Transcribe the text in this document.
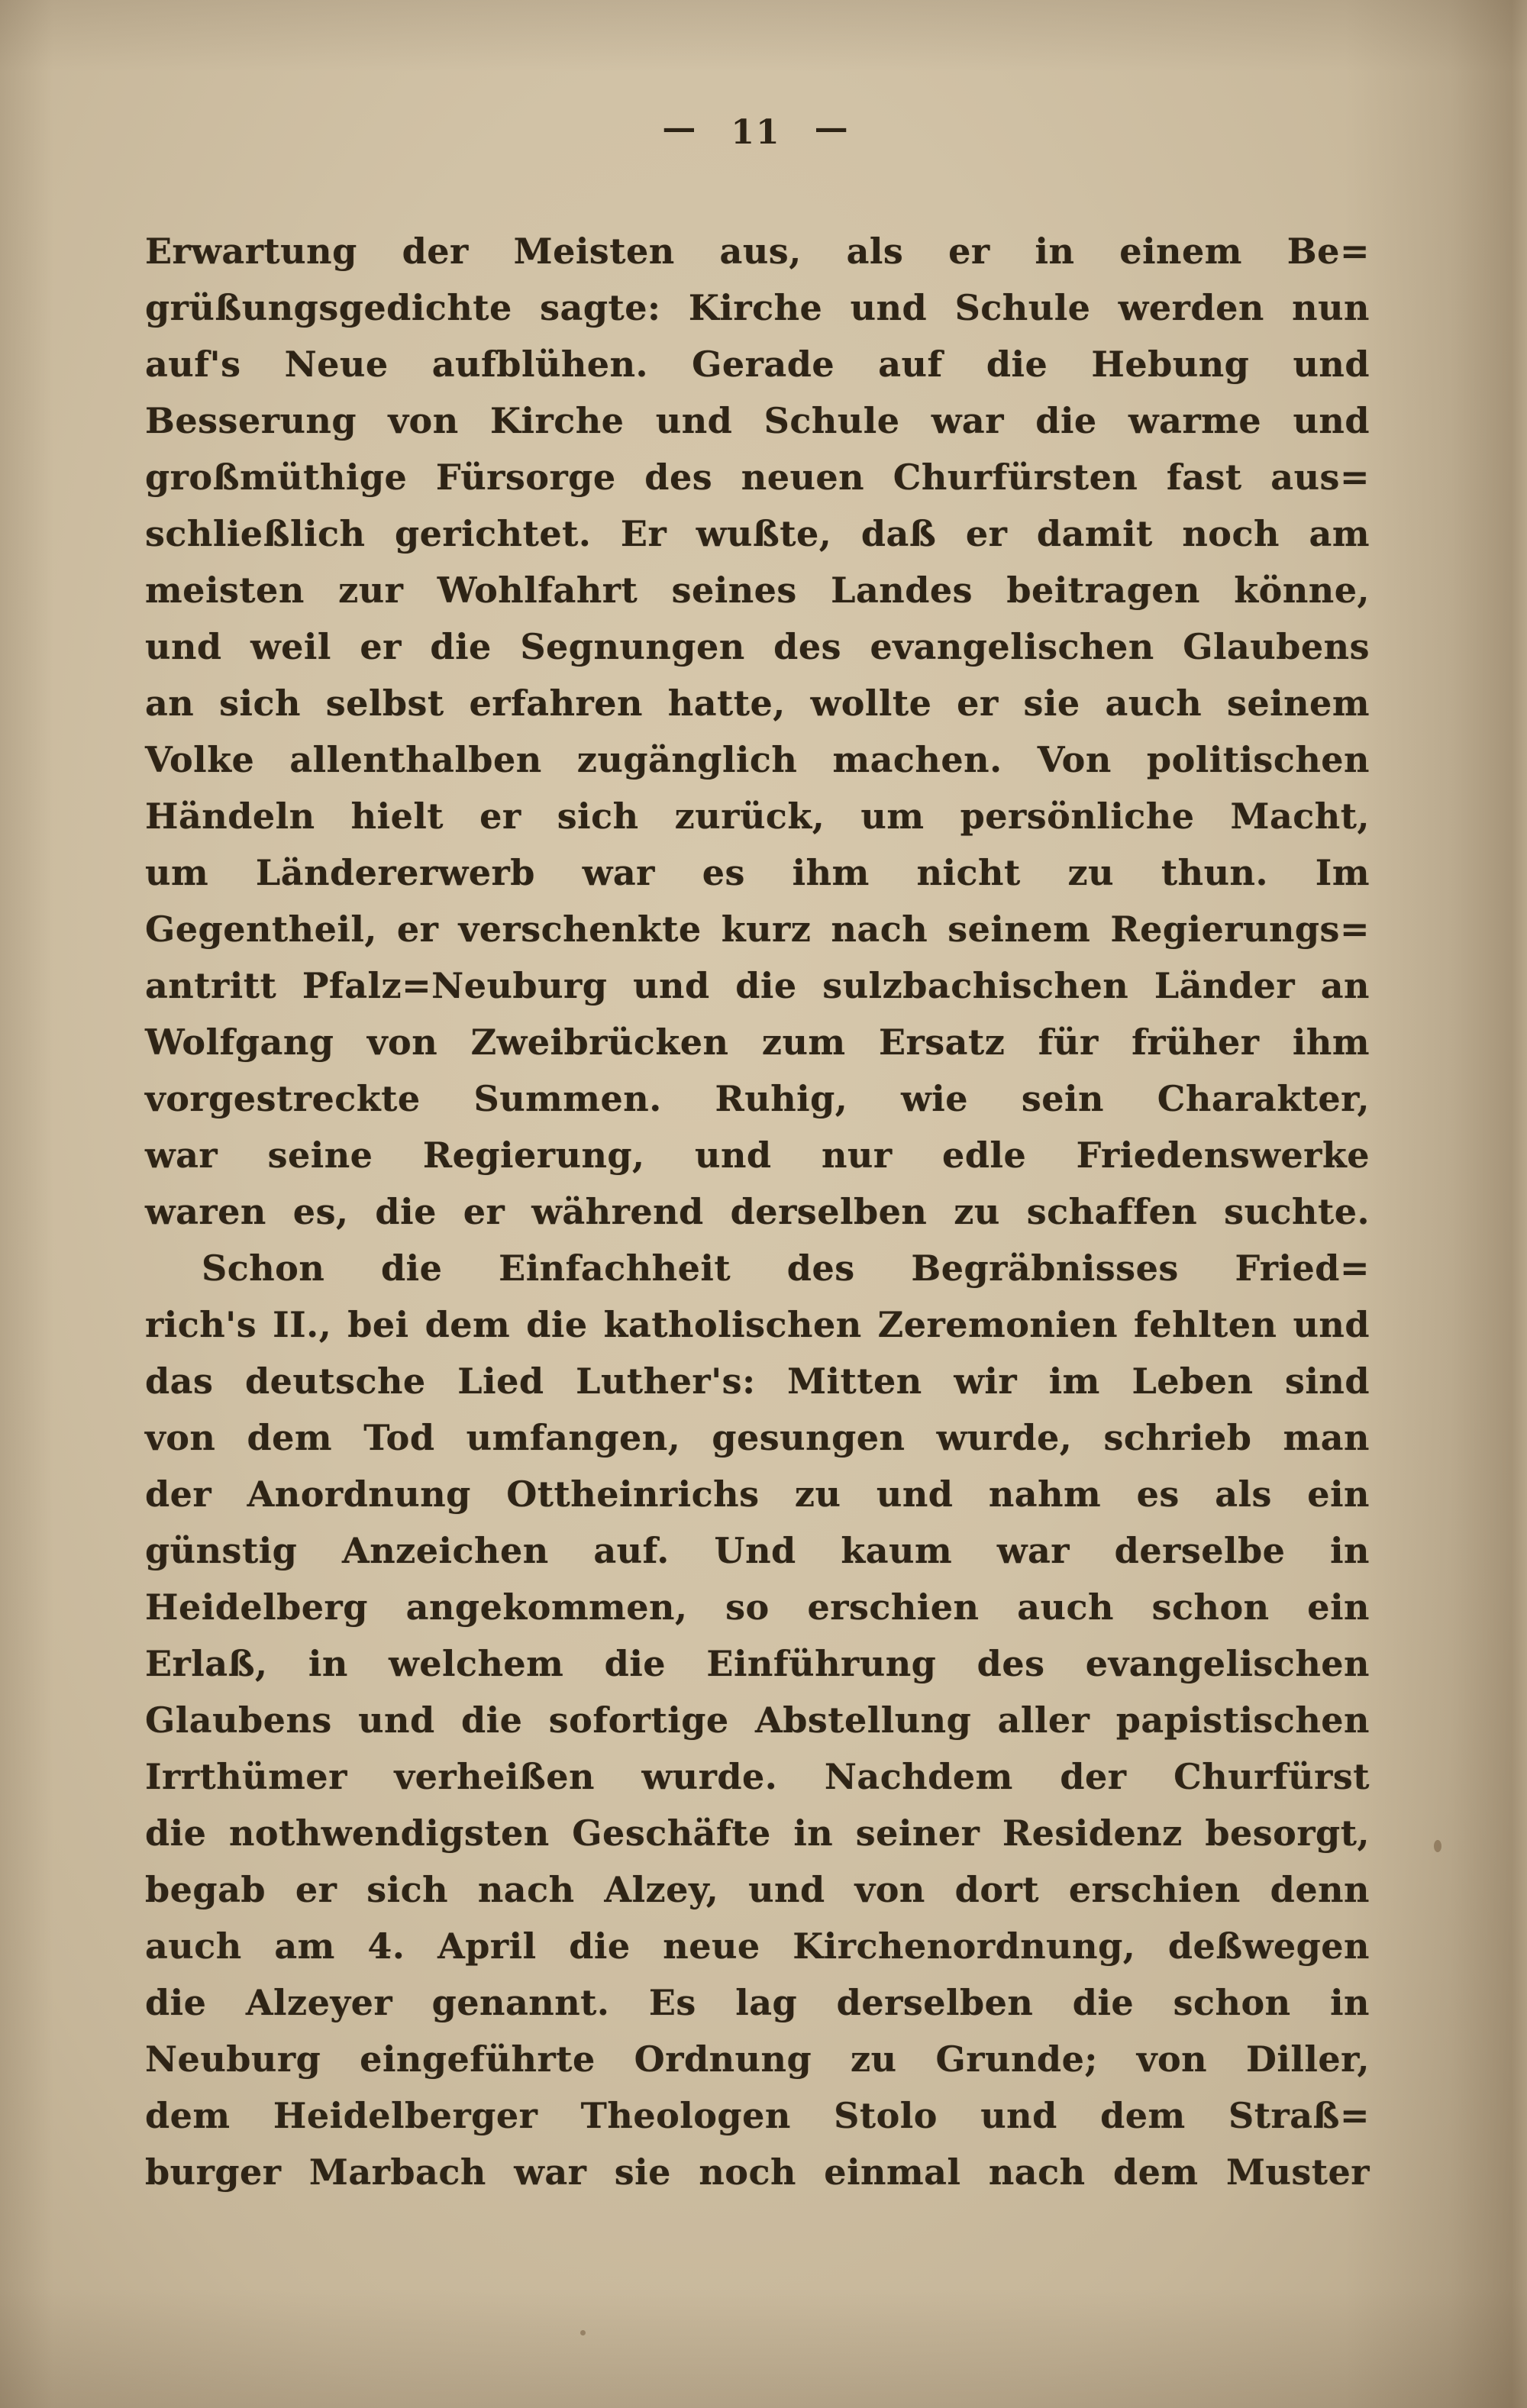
— 11 —
Erwartung der Meisten aus, als er in einem Be=
grüßungsgedichte sagte: Kirche und Schule werden nun
auf's Neue aufblühen. Gerade auf die Hebung und
Besserung von Kirche und Schule war die warme und
großmüthige Fürsorge des neuen Churfürsten fast aus=
schließlich gerichtet. Er wußte, daß er damit noch am
meisten zur Wohlfahrt seines Landes beitragen könne,
und weil er die Segnungen des evangelischen Glaubens
an sich selbst erfahren hatte, wollte er sie auch seinem
Volke allenthalben zugänglich machen. Von politischen
Händeln hielt er sich zurück, um persönliche Macht,
um Ländererwerb war es ihm nicht zu thun. Im
Gegentheil, er verschenkte kurz nach seinem Regierungs=
antritt Pfalz=Neuburg und die sulzbachischen Länder an
Wolfgang von Zweibrücken zum Ersatz für früher ihm
vorgestreckte Summen. Ruhig, wie sein Charakter,
war seine Regierung, und nur edle Friedenswerke
waren es, die er während derselben zu schaffen suchte.
Schon die Einfachheit des Begräbnisses Fried=
rich's II., bei dem die katholischen Zeremonien fehlten und
das deutsche Lied Luther's: Mitten wir im Leben sind
von dem Tod umfangen, gesungen wurde, schrieb man
der Anordnung Ottheinrichs zu und nahm es als ein
günstig Anzeichen auf. Und kaum war derselbe in
Heidelberg angekommen, so erschien auch schon ein
Erlaß, in welchem die Einführung des evangelischen
Glaubens und die sofortige Abstellung aller papistischen
Irrthümer verheißen wurde. Nachdem der Churfürst
die nothwendigsten Geschäfte in seiner Residenz besorgt,
begab er sich nach Alzey, und von dort erschien denn
auch am 4. April die neue Kirchenordnung, deßwegen
die Alzeyer genannt. Es lag derselben die schon in
Neuburg eingeführte Ordnung zu Grunde; von Diller,
dem Heidelberger Theologen Stolo und dem Straß=
burger Marbach war sie noch einmal nach dem Muster
